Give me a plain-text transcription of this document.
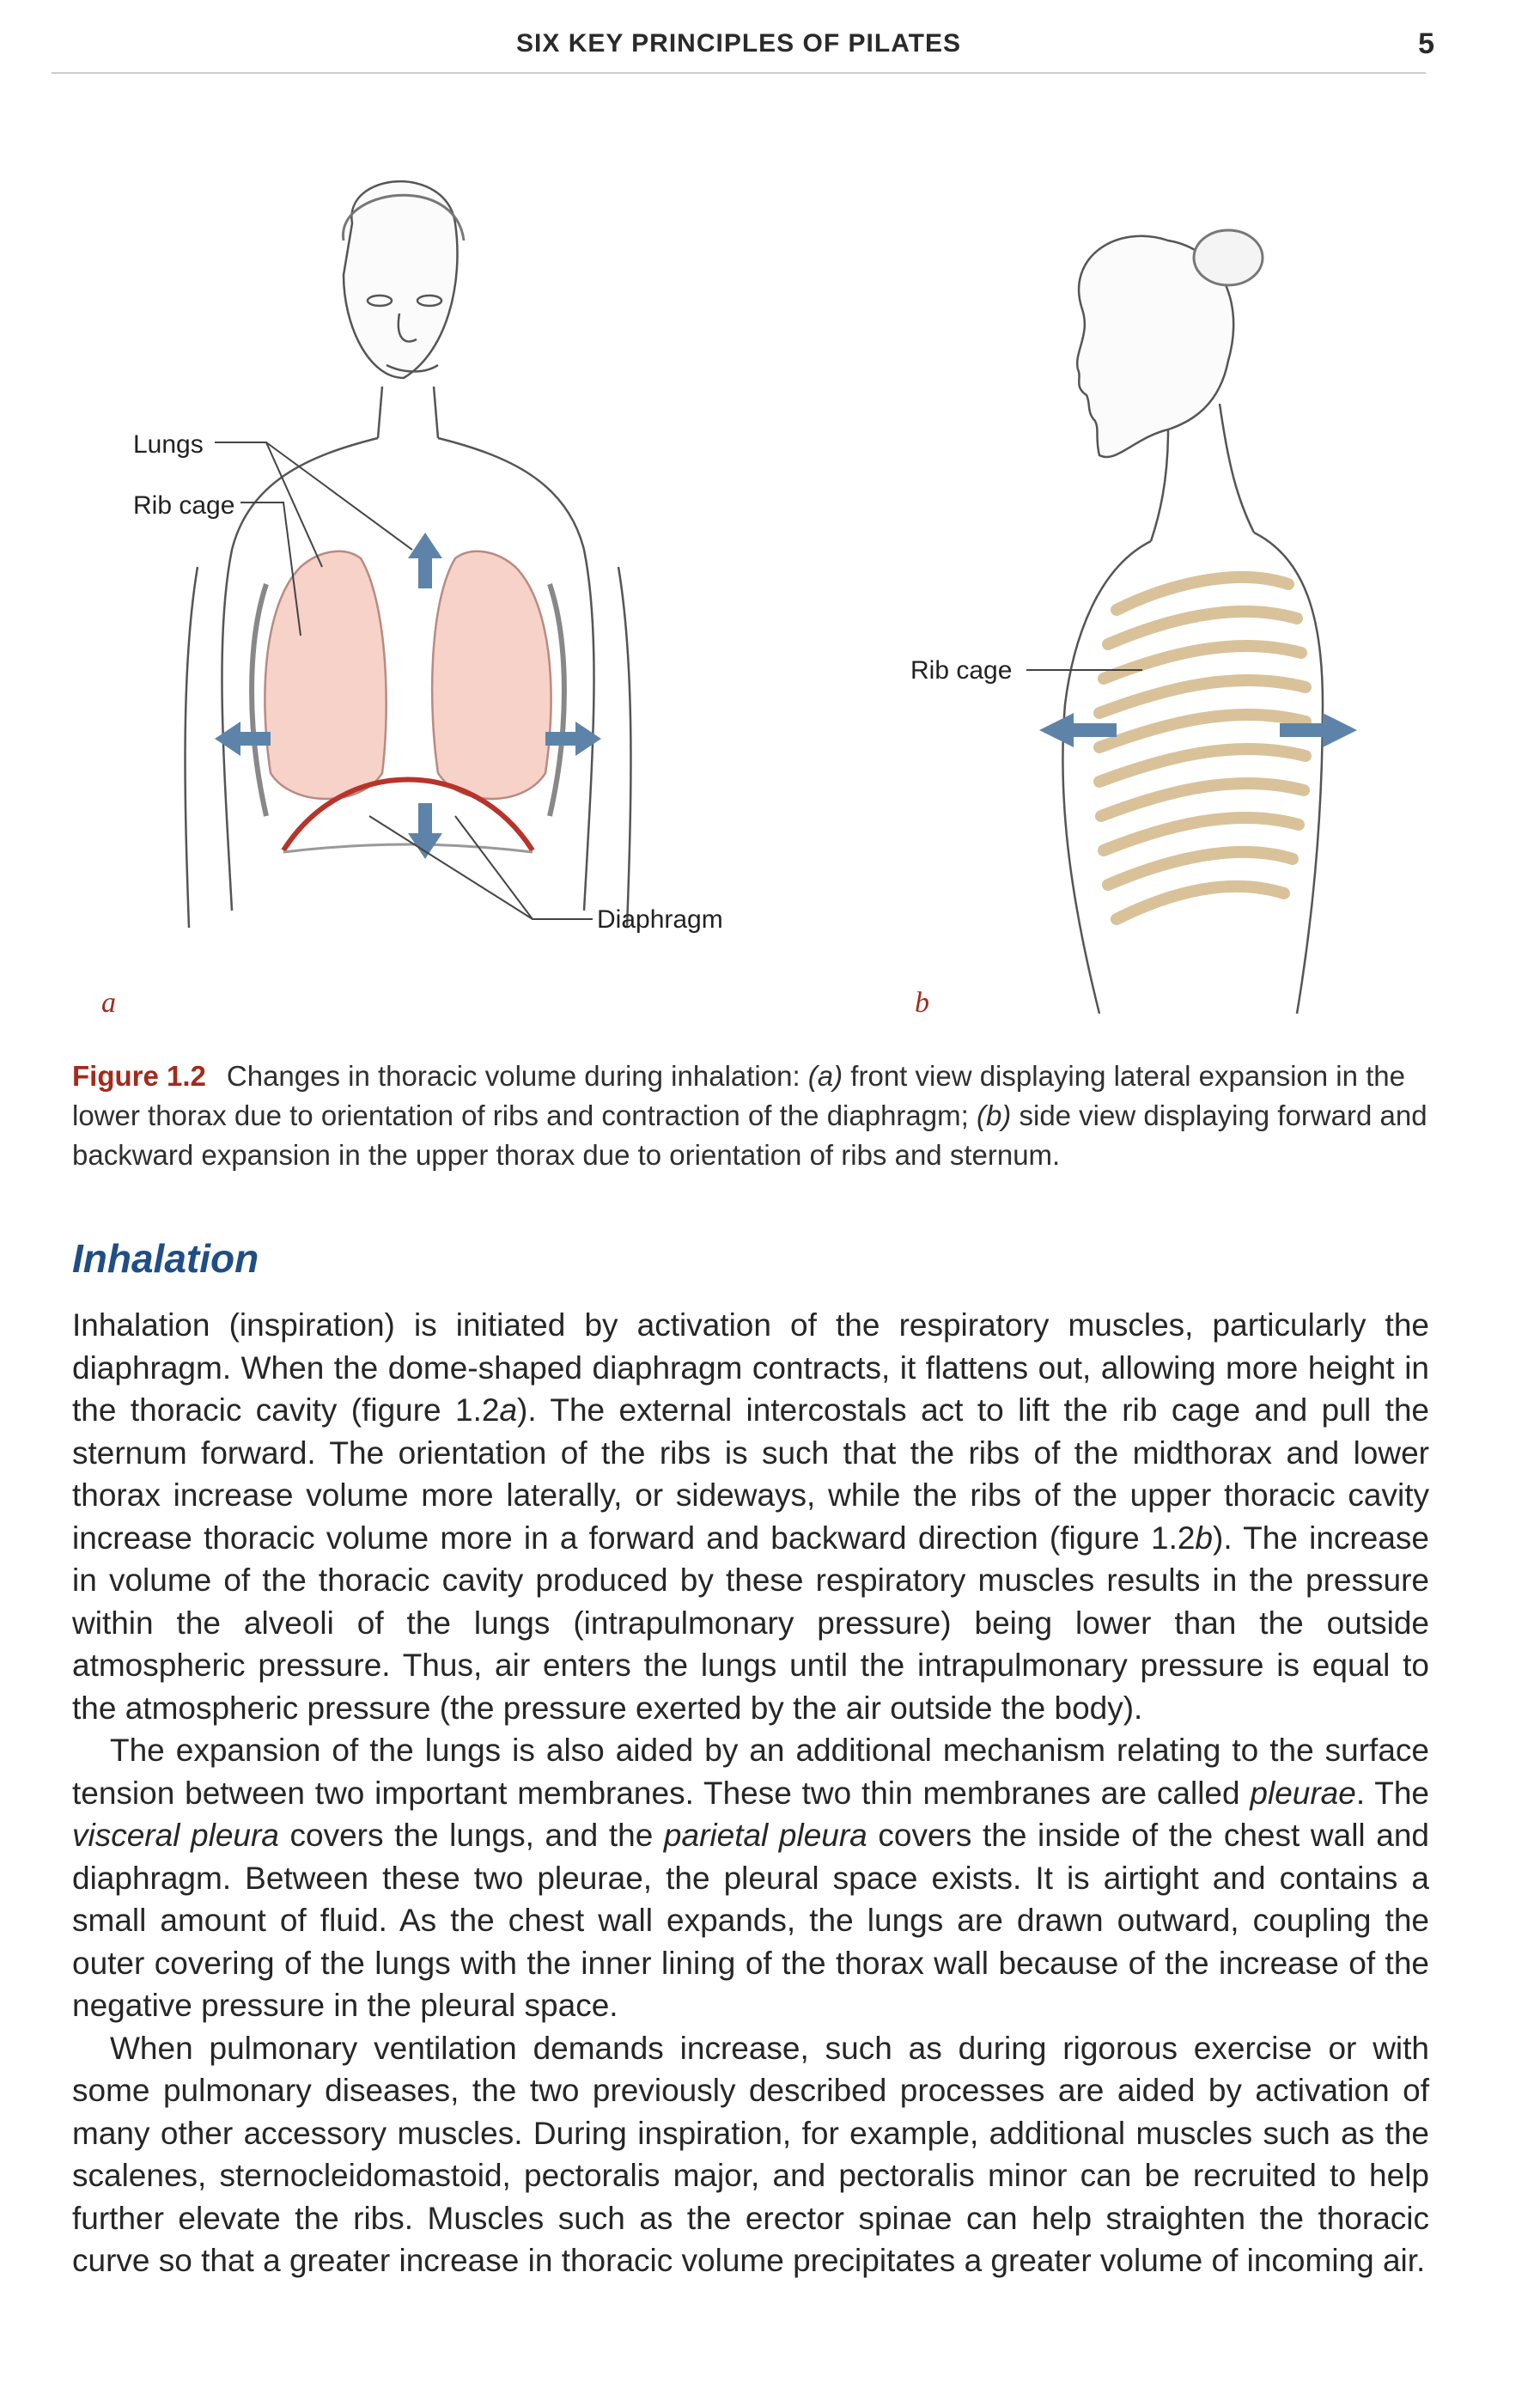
SIX KEY PRINCIPLES OF PILATES	5
Lungs
Rib cage
Diaphragm
a
Rib cage
b
Figure 1.2 Changes in thoracic volume during inhalation: (a) front view displaying lateral expansion in the lower thorax due to orientation of ribs and contraction of the diaphragm; (b) side view displaying forward and backward expansion in the upper thorax due to orientation of ribs and sternum.
Inhalation

Inhalation (inspiration) is initiated by activation of the respiratory muscles, particularly the diaphragm. When the dome-shaped diaphragm contracts, it flattens out, allowing more height in the thoracic cavity (figure 1.2a). The external intercostals act to lift the rib cage and pull the sternum forward. The orientation of the ribs is such that the ribs of the midthorax and lower thorax increase volume more laterally, or sideways, while the ribs of the upper thoracic cavity increase thoracic volume more in a forward and backward direction (figure 1.2b). The increase in volume of the thoracic cavity produced by these respiratory muscles results in the pressure within the alveoli of the lungs (intrapulmonary pressure) being lower than the outside atmospheric pressure. Thus, air enters the lungs until the intrapulmonary pressure is equal to the atmospheric pressure (the pressure exerted by the air outside the body).

The expansion of the lungs is also aided by an additional mechanism relating to the surface tension between two important membranes. These two thin membranes are called pleurae. The visceral pleura covers the lungs, and the parietal pleura covers the inside of the chest wall and diaphragm. Between these two pleurae, the pleural space exists. It is airtight and contains a small amount of fluid. As the chest wall expands, the lungs are drawn outward, coupling the outer covering of the lungs with the inner lining of the thorax wall because of the increase of the negative pressure in the pleural space.

When pulmonary ventilation demands increase, such as during rigorous exercise or with some pulmonary diseases, the two previously described processes are aided by activation of many other accessory muscles. During inspiration, for example, additional muscles such as the scalenes, sternocleidomastoid, pectoralis major, and pectoralis minor can be recruited to help further elevate the ribs. Muscles such as the erector spinae can help straighten the thoracic curve so that a greater increase in thoracic volume precipitates a greater volume of incoming air.
